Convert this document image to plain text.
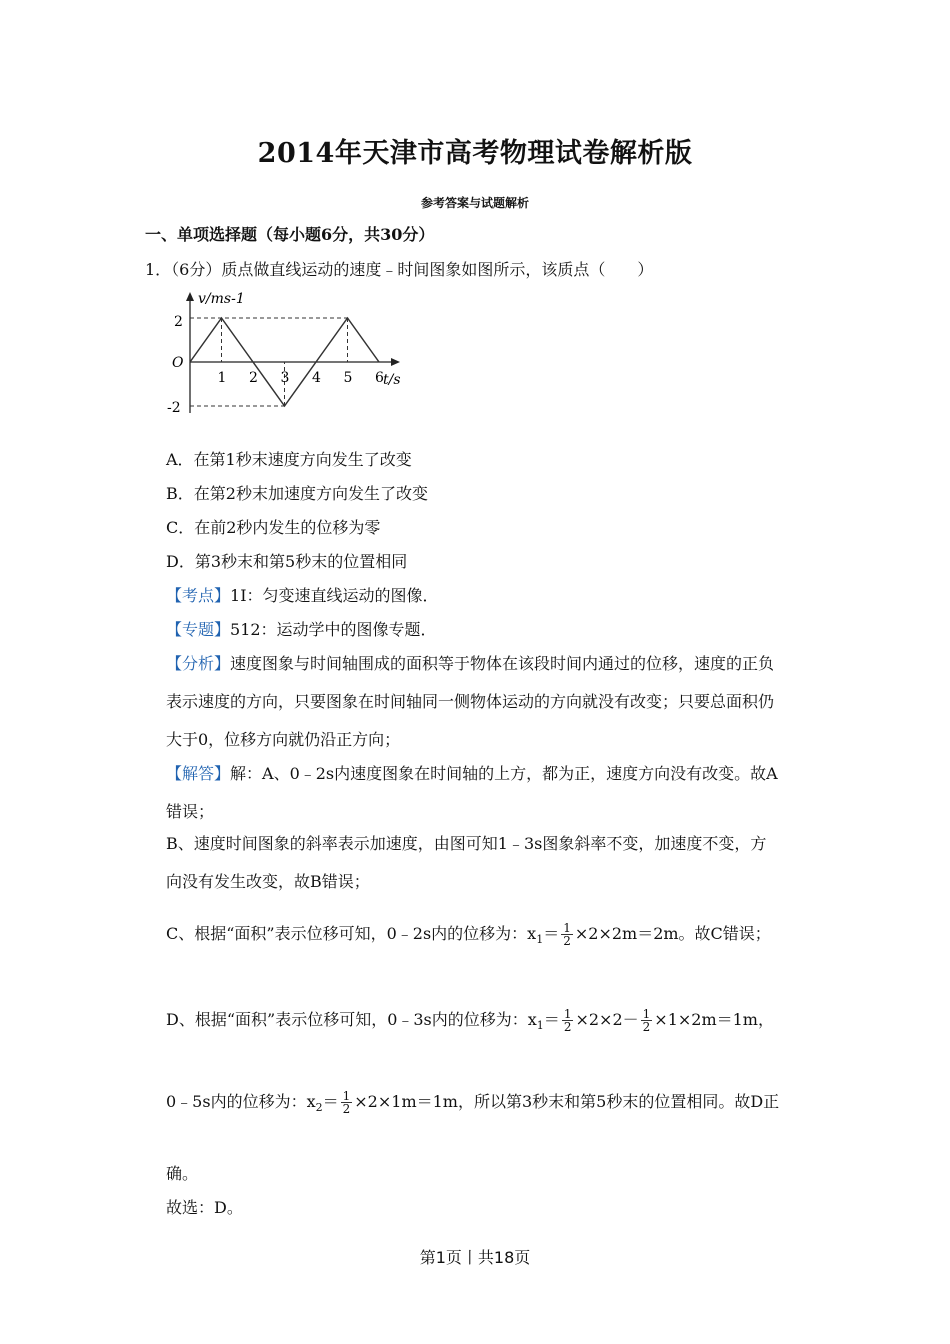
2014年天津市高考物理试卷解析版
参考答案与试题解析
一、单项选择题（每小题6分，共30分）
1．（6分）质点做直线运动的速度﹣时间图象如图所示，该质点（　　）
1 2 3 4 5 6
2
-2
O
v/ms-1
t/s
A．在第1秒末速度方向发生了改变
B．在第2秒末加速度方向发生了改变
C．在前2秒内发生的位移为零
D．第3秒末和第5秒末的位置相同
【考点】1I：匀变速直线运动的图像．
【专题】512：运动学中的图像专题．
【分析】速度图象与时间轴围成的面积等于物体在该段时间内通过的位移，速度的正负
表示速度的方向，只要图象在时间轴同一侧物体运动的方向就没有改变；只要总面积仍
大于0，位移方向就仍沿正方向；
【解答】解：A、0﹣2s内速度图象在时间轴的上方，都为正，速度方向没有改变。故A
错误；
B、速度时间图象的斜率表示加速度，由图可知1﹣3s图象斜率不变，加速度不变，方
向没有发生改变，故B错误；
C、根据“面积”表示位移可知，0﹣2s内的位移为：$x_1= \frac{1}{2} \times 2\times 2m=2m$。故C错误；
D、根据“面积”表示位移可知，0﹣3s内的位移为：$x_1= \frac{1}{2} \times 2\times 2- \frac{1}{2} \times 1\times 2m=1m$，
0﹣5s内的位移为：$x_2= \frac{1}{2} \times 2\times 1m=1m$，所以第3秒末和第5秒末的位置相同。故D正
确。
故选：D。
第1页丨共18页
